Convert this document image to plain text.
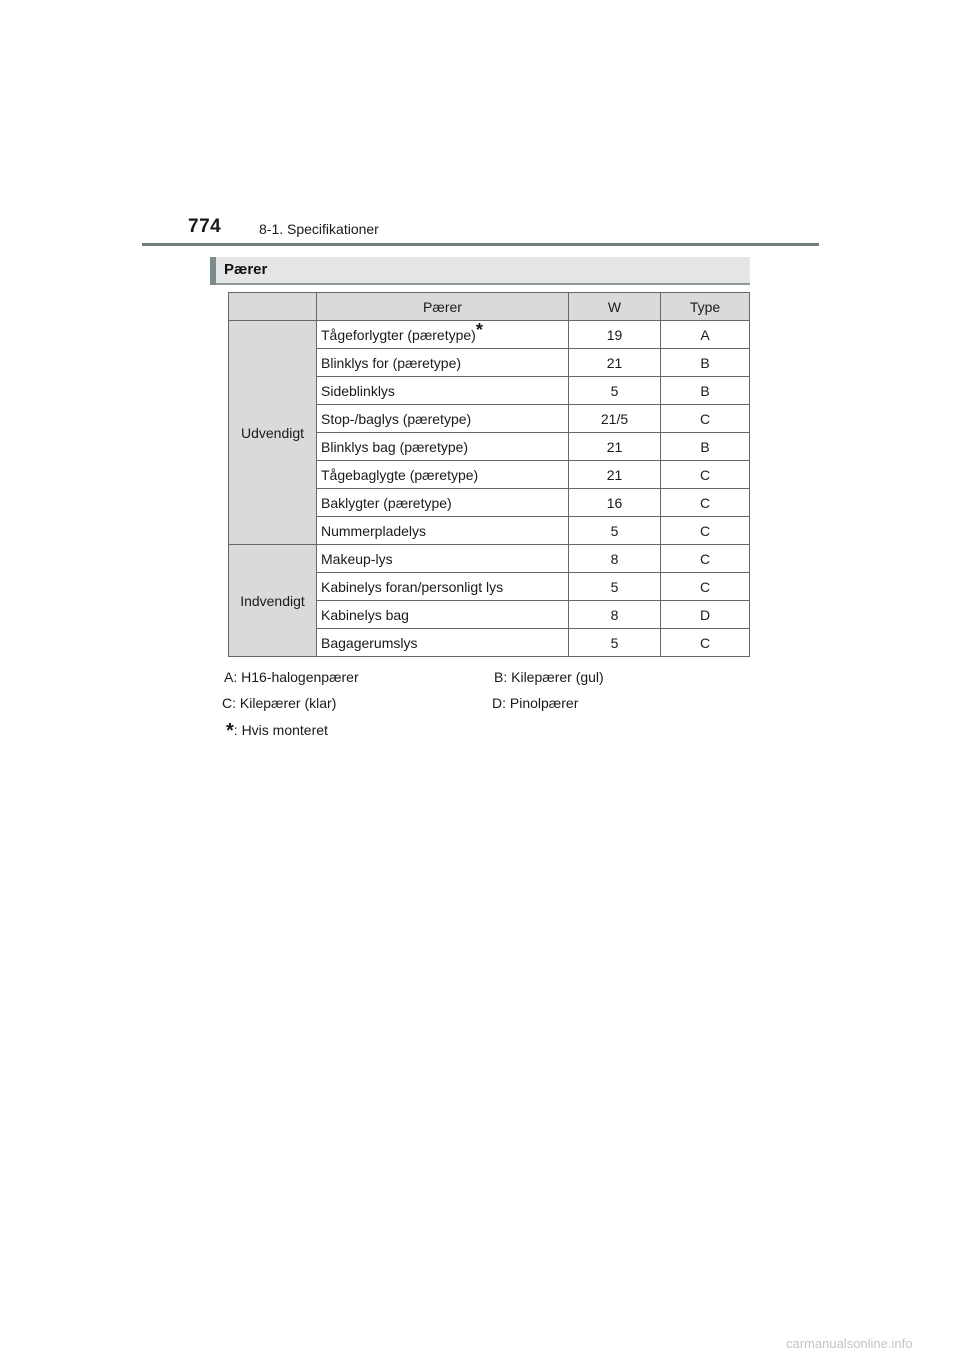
774	8-1. Specifikationer
Pærer
	Pærer	W	Type
Udvendigt	Tågeforlygter (pæretype)*	19	A
	Blinklys for (pæretype)	21	B
	Sideblinklys	5	B
	Stop-/baglys (pæretype)	21/5	C
	Blinklys bag (pæretype)	21	B
	Tågebaglygte (pæretype)	21	C
	Baklygter (pæretype)	16	C
	Nummerpladelys	5	C
Indvendigt	Makeup-lys	8	C
	Kabinelys foran/personligt lys	5	C
	Kabinelys bag	8	D
	Bagagerumslys	5	C
A: H16-halogenpærer	B: Kilepærer (gul)
C: Kilepærer (klar)	D: Pinolpærer
*: Hvis monteret
carmanualsonline.info
